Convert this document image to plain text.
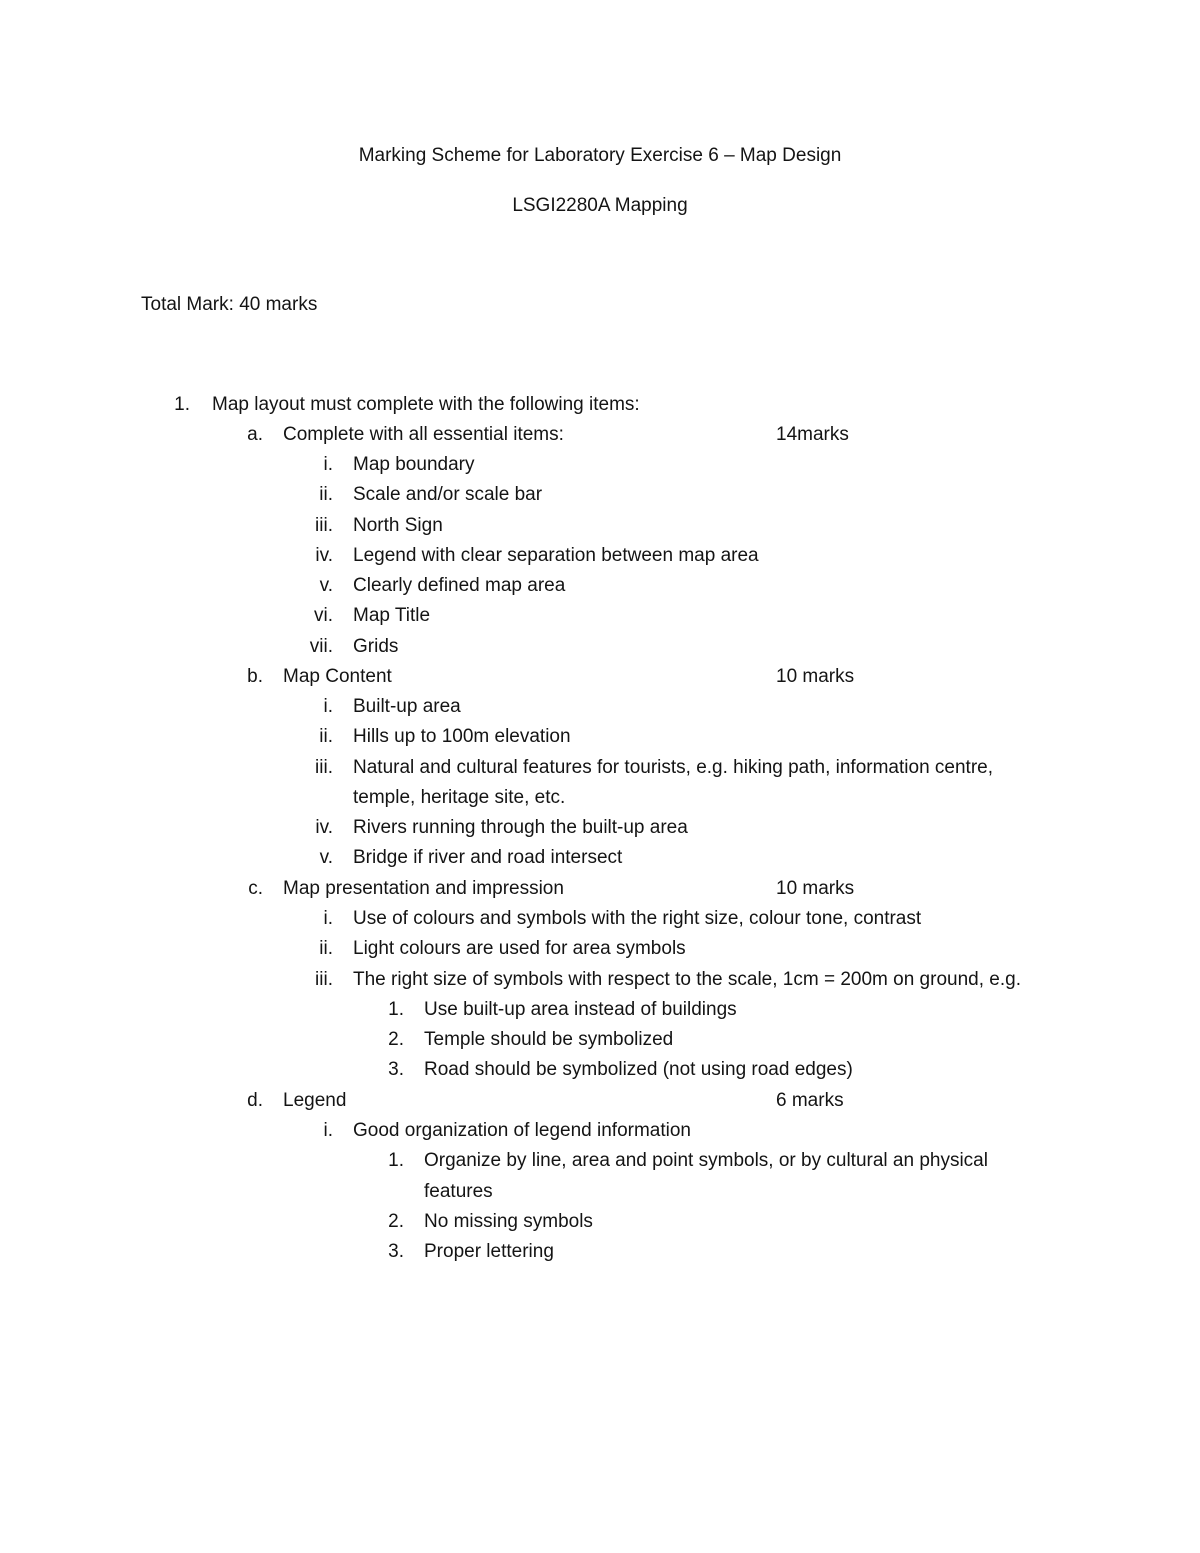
Marking Scheme for Laboratory Exercise 6 – Map Design
LSGI2280A Mapping
Total Mark: 40 marks
1. Map layout must complete with the following items:
a. Complete with all essential items:	14marks
i. Map boundary
ii. Scale and/or scale bar
iii. North Sign
iv. Legend with clear separation between map area
v. Clearly defined map area
vi. Map Title
vii. Grids
b. Map Content	10 marks
i. Built-up area
ii. Hills up to 100m elevation
iii. Natural and cultural features for tourists, e.g. hiking path, information centre,
temple, heritage site, etc.
iv. Rivers running through the built-up area
v. Bridge if river and road intersect
c. Map presentation and impression	10 marks
i. Use of colours and symbols with the right size, colour tone, contrast
ii. Light colours are used for area symbols
iii. The right size of symbols with respect to the scale, 1cm = 200m on ground, e.g.
1. Use built-up area instead of buildings
2. Temple should be symbolized
3. Road should be symbolized (not using road edges)
d. Legend	6 marks
i. Good organization of legend information
1. Organize by line, area and point symbols, or by cultural an physical
features
2. No missing symbols
3. Proper lettering
